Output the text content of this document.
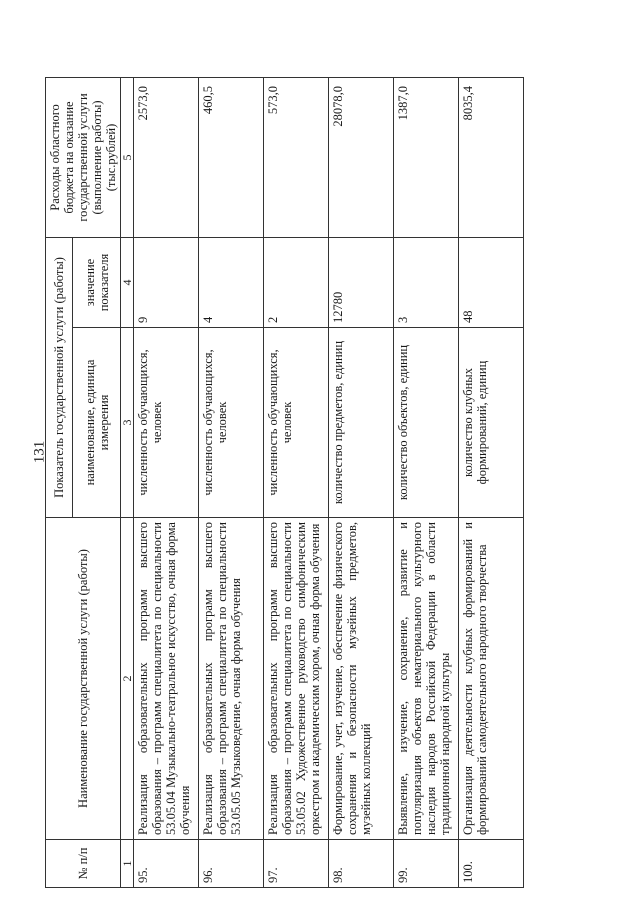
131
№ п/п	Наименование государственной услуги (работы)	Показатель государственной услуги (работы)		Расходы областного бюджета на оказание государственной услуги (выполнение работы) (тыс.рублей)
		наименование, единица измерения	значение показателя	
1	2	3	4	5
95.	Реализация образовательных программ высшего образования – программ специалитета по специальности 53.05.04 Музыкально-театральное искусство, очная форма обучения	численность обучающихся, человек	9	2573,0
96.	Реализация образовательных программ высшего образования – программ специалитета по специальности 53.05.05 Музыковедение, очная форма обучения	численность обучающихся, человек	4	460,5
97.	Реализация образовательных программ высшего образования – программ специалитета по специальности 53.05.02 Художественное руководство симфоническим оркестром и академическим хором, очная форма обучения	численность обучающихся, человек	2	573,0
98.	Формирование, учет, изучение, обеспечение физического сохранения и безопасности музейных предметов, музейных коллекций	количество предметов, единиц	12780	28078,0
99.	Выявление, изучение, сохранение, развитие и популяризация объектов нематериального культурного наследия народов Российской Федерации в области традиционной народной культуры	количество объектов, единиц	3	1387,0
100.	Организация деятельности клубных формирований и формирований самодеятельного народного творчества	количество клубных формирований, единиц	48	8035,4
